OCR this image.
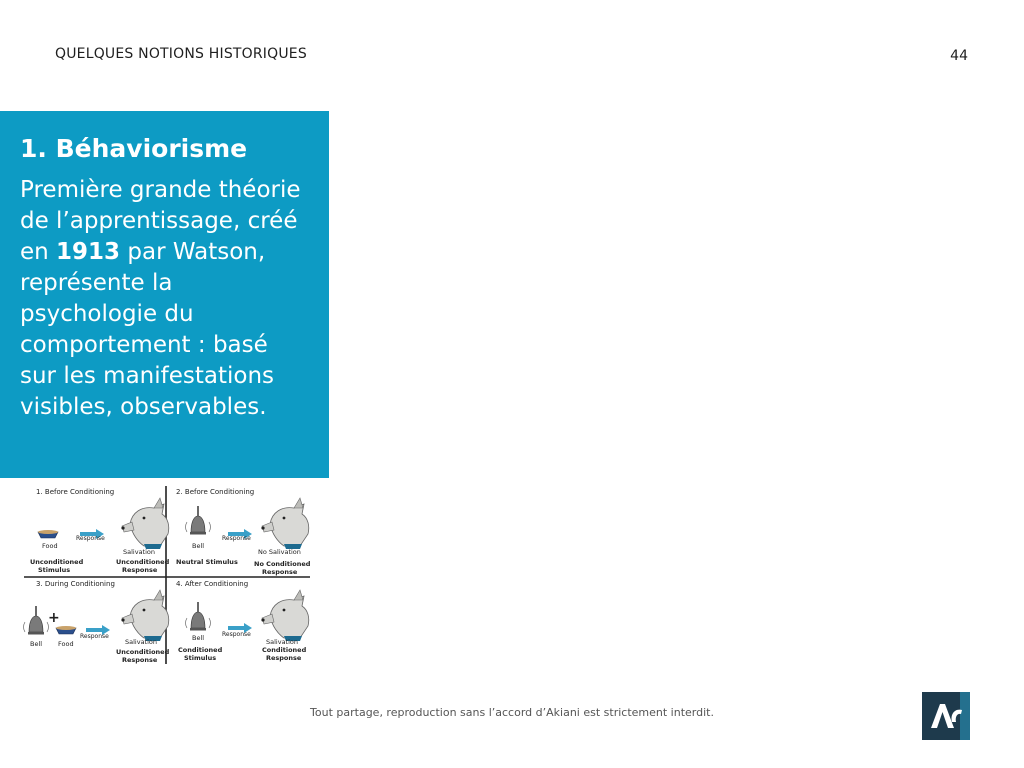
QUELQUES NOTIONS HISTORIQUES	44
1. Béhaviorisme
Première grande théorie de l’apprentissage, créé en 1913 par Watson, représente la psychologie du comportement : basé sur les manifestations visibles, observables.
1. Before Conditioning
Food
Response
Salivation
Unconditioned Stimulus
Unconditioned Response
2. Before Conditioning
Bell
Response
No Salivation
Neutral Stimulus No Conditioned Response
3. During Conditioning
+
Bell Food
Response
Salivation
Unconditioned Response
4. After Conditioning
Bell	Response
Salivation
Conditioned Stimulus
Conditioned Response
Tout partage, reproduction sans l’accord d’Akiani est strictement interdit.
